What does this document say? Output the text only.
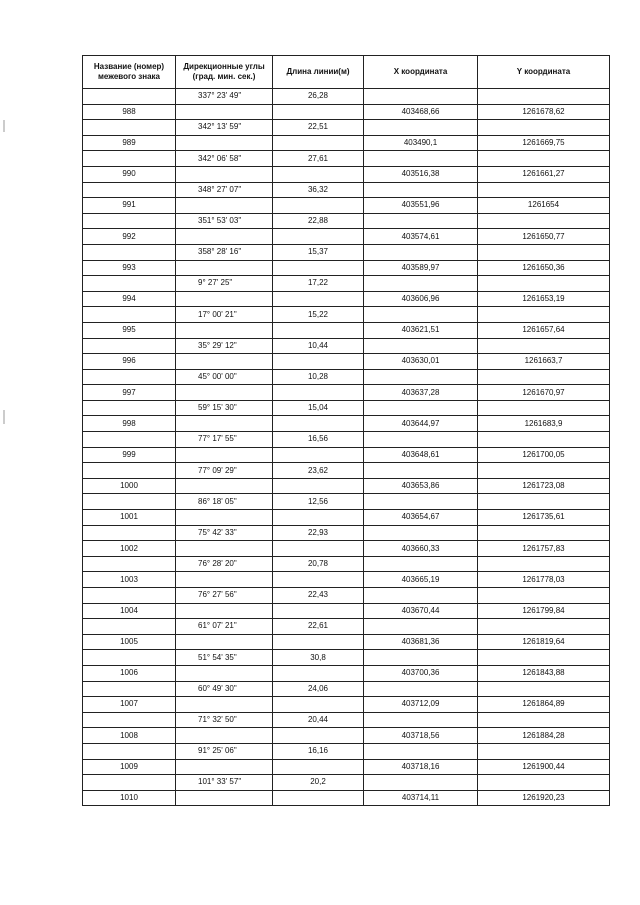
Название (номер) межевого знака	Дирекционные углы (град. мин. сек.)	Длина линии(м)	X координата	Y координата
	337° 23' 49"	26,28		
988			403468,66	1261678,62
	342° 13' 59"	22,51		
989			403490,1	1261669,75
	342° 06' 58"	27,61		
990			403516,38	1261661,27
	348° 27' 07"	36,32		
991			403551,96	1261654
	351° 53' 03"	22,88		
992			403574,61	1261650,77
	358° 28' 16"	15,37		
993			403589,97	1261650,36
	9° 27' 25"	17,22		
994			403606,96	1261653,19
	17° 00' 21"	15,22		
995			403621,51	1261657,64
	35° 29' 12"	10,44		
996			403630,01	1261663,7
	45° 00' 00"	10,28		
997			403637,28	1261670,97
	59° 15' 30"	15,04		
998			403644,97	1261683,9
	77° 17' 55"	16,56		
999			403648,61	1261700,05
	77° 09' 29"	23,62		
1000			403653,86	1261723,08
	86° 18' 05"	12,56		
1001			403654,67	1261735,61
	75° 42' 33"	22,93		
1002			403660,33	1261757,83
	76° 28' 20"	20,78		
1003			403665,19	1261778,03
	76° 27' 56"	22,43		
1004			403670,44	1261799,84
	61° 07' 21"	22,61		
1005			403681,36	1261819,64
	51° 54' 35"	30,8		
1006			403700,36	1261843,88
	60° 49' 30"	24,06		
1007			403712,09	1261864,89
	71° 32' 50"	20,44		
1008			403718,56	1261884,28
	91° 25' 06"	16,16		
1009			403718,16	1261900,44
	101° 33' 57"	20,2		
1010			403714,11	1261920,23
